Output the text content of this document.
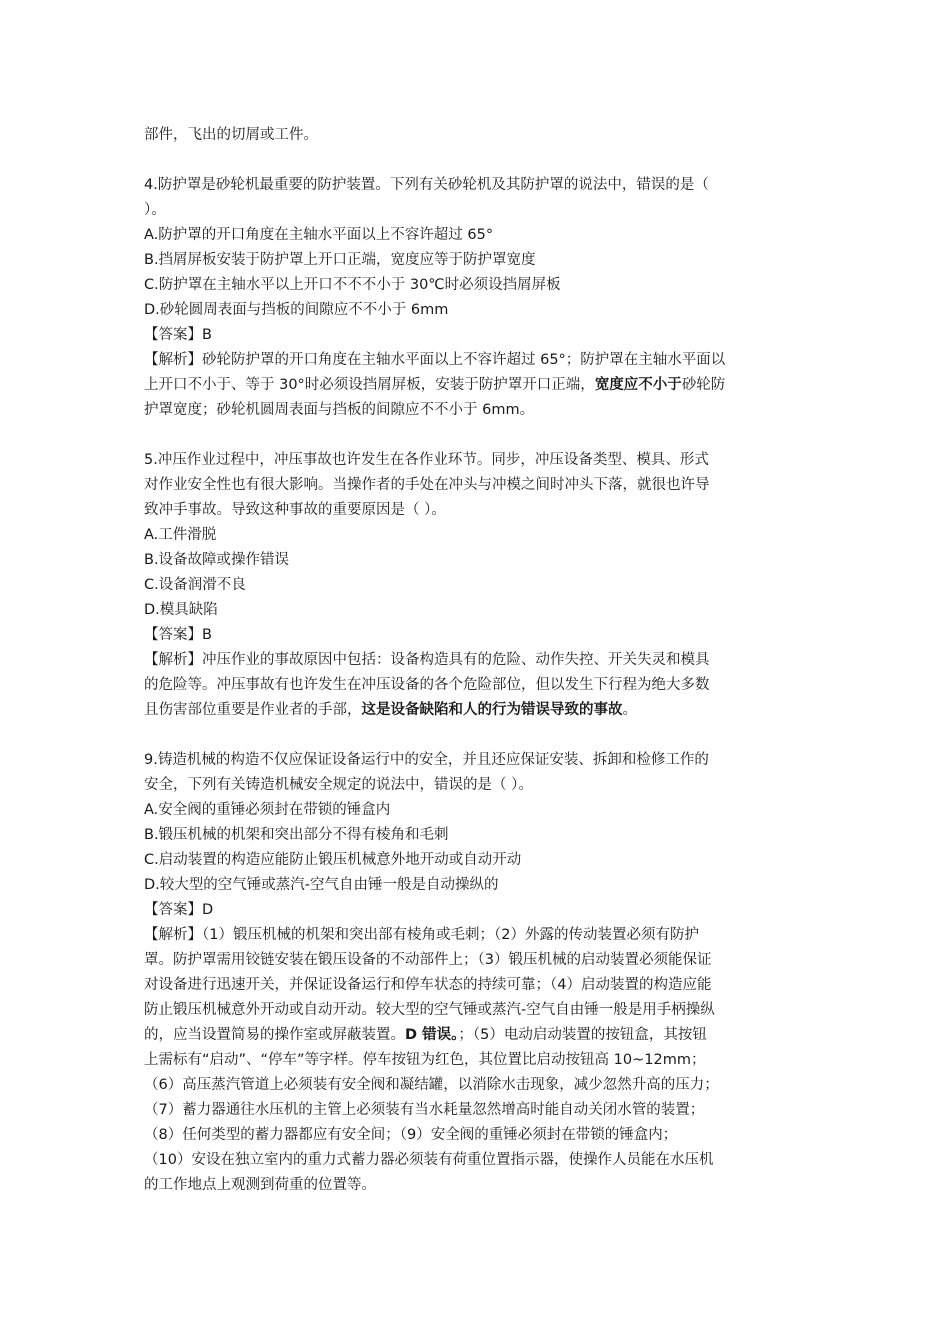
部件，飞出的切屑或工件。
4.防护罩是砂轮机最重要的防护装置。下列有关砂轮机及其防护罩的说法中，错误的是（
）。
A.防护罩的开口角度在主轴水平面以上不容许超过 65°
B.挡屑屏板安装于防护罩上开口正端，宽度应等于防护罩宽度
C.防护罩在主轴水平以上开口不不不小于 30℃时必须设挡屑屏板
D.砂轮圆周表面与挡板的间隙应不不小于 6mm
【答案】B
【解析】砂轮防护罩的开口角度在主轴水平面以上不容许超过 65°；防护罩在主轴水平面以
上开口不小于、等于 30°时必须设挡屑屏板，安装于防护罩开口正端，宽度应不小于砂轮防
护罩宽度；砂轮机圆周表面与挡板的间隙应不不小于 6mm。
5.冲压作业过程中，冲压事故也许发生在各作业环节。同步，冲压设备类型、模具、形式
对作业安全性也有很大影响。当操作者的手处在冲头与冲模之间时冲头下落，就很也许导
致冲手事故。导致这种事故的重要原因是（ ）。
A.工件滑脱
B.设备故障或操作错误
C.设备润滑不良
D.模具缺陷
【答案】B
【解析】冲压作业的事故原因中包括：设备构造具有的危险、动作失控、开关失灵和模具
的危险等。冲压事故有也许发生在冲压设备的各个危险部位，但以发生下行程为绝大多数
且伤害部位重要是作业者的手部，这是设备缺陷和人的行为错误导致的事故。
9.铸造机械的构造不仅应保证设备运行中的安全，并且还应保证安装、拆卸和检修工作的
安全，下列有关铸造机械安全规定的说法中，错误的是（ ）。
A.安全阀的重锤必须封在带锁的锤盒内
B.锻压机械的机架和突出部分不得有棱角和毛刺
C.启动装置的构造应能防止锻压机械意外地开动或自动开动
D.较大型的空气锤或蒸汽-空气自由锤一般是自动操纵的
【答案】D
【解析】（1）锻压机械的机架和突出部有棱角或毛刺；（2）外露的传动装置必须有防护
罩。防护罩需用铰链安装在锻压设备的不动部件上；（3）锻压机械的启动装置必须能保证
对设备进行迅速开关，并保证设备运行和停车状态的持续可靠；（4）启动装置的构造应能
防止锻压机械意外开动或自动开动。较大型的空气锤或蒸汽-空气自由锤一般是用手柄操纵
的，应当设置简易的操作室或屏蔽装置。D 错误。；（5）电动启动装置的按钮盒，其按钮
上需标有“启动”、“停车”等字样。停车按钮为红色，其位置比启动按钮高 10~12mm；
（6）高压蒸汽管道上必须装有安全阀和凝结罐，以消除水击现象，减少忽然升高的压力；
（7）蓄力器通往水压机的主管上必须装有当水耗量忽然增高时能自动关闭水管的装置；
（8）任何类型的蓄力器都应有安全间；（9）安全阀的重锤必须封在带锁的锤盒内；
（10）安设在独立室内的重力式蓄力器必须装有荷重位置指示器，使操作人员能在水压机
的工作地点上观测到荷重的位置等。
